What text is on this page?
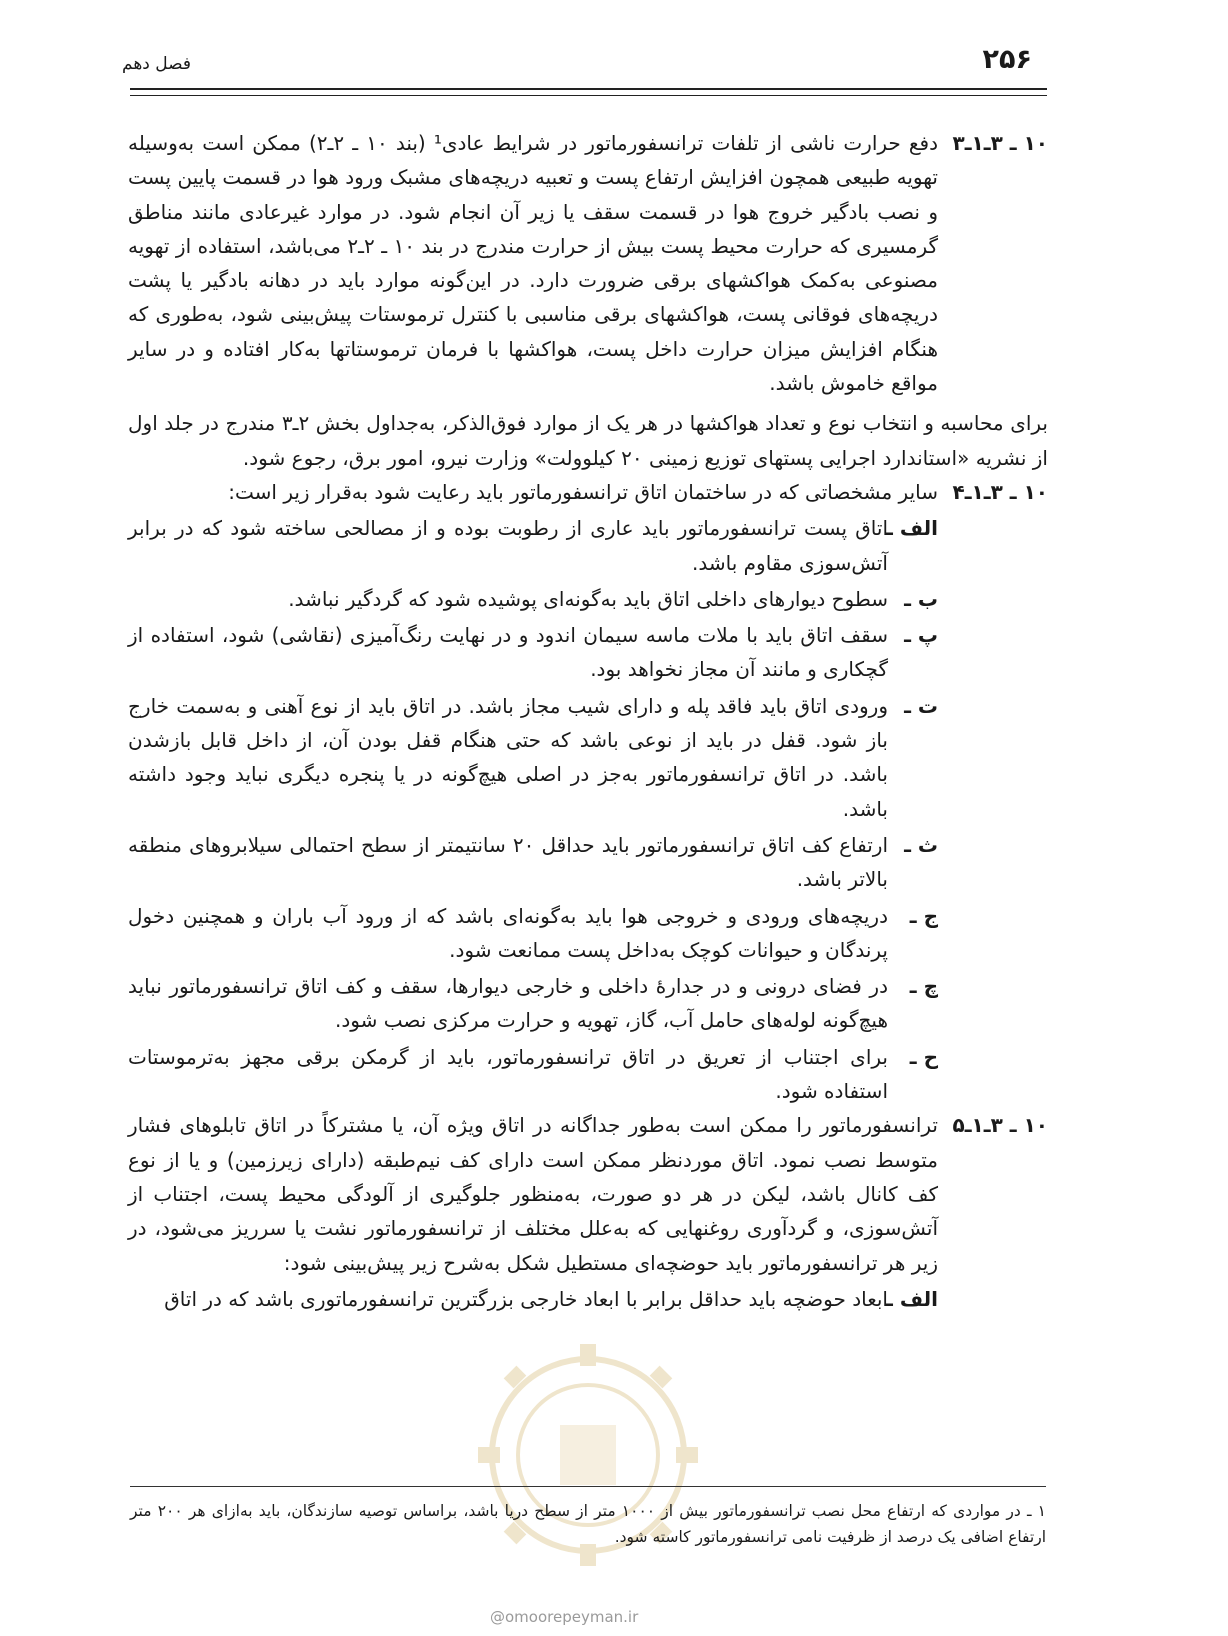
۲۵۶
فصل دهم
۱۰ ـ ۳ـ۱ـ۳

دفع حرارت ناشی از تلفات ترانسفورماتور در شرایط عادی¹ (بند ۱۰ ـ ۲ـ۲) ممکن است به‌وسیله تهویه طبیعی همچون افزایش ارتفاع پست و تعبیه دریچه‌های مشبک ورود هوا در قسمت پایین پست و نصب بادگیر خروج هوا در قسمت سقف یا زیر آن انجام شود. در موارد غیرعادی مانند مناطق گرمسیری که حرارت محیط پست بیش از حرارت مندرج در بند ۱۰ ـ ۲ـ۲ می‌باشد، استفاده از تهویه مصنوعی به‌کمک هواکشهای برقی ضرورت دارد. در این‌گونه موارد باید در دهانه بادگیر یا پشت دریچه‌های فوقانی پست، هواکشهای برقی مناسبی با کنترل ترموستات پیش‌بینی شود، به‌طوری که هنگام افزایش میزان حرارت داخل پست، هواکشها با فرمان ترموستاتها به‌کار افتاده و در سایر مواقع خاموش باشد.

برای محاسبه و انتخاب نوع و تعداد هواکشها در هر یک از موارد فوق‌الذکر، به‌جداول بخش ۲ـ۳ مندرج در جلد اول از نشریه «استاندارد اجرایی پستهای توزیع زمینی ۲۰ کیلوولت» وزارت نیرو، امور برق، رجوع شود.

۱۰ ـ ۳ـ۱ـ۴

سایر مشخصاتی که در ساختمان اتاق ترانسفورماتور باید رعایت شود به‌قرار زیر است:

الف ـ
اتاق پست ترانسفورماتور باید عاری از رطوبت بوده و از مصالحی ساخته شود که در برابر آتش‌سوزی مقاوم باشد.
ب ـ
سطوح دیوارهای داخلی اتاق باید به‌گونه‌ای پوشیده شود که گردگیر نباشد.
پ ـ
سقف اتاق باید با ملات ماسه سیمان اندود و در نهایت رنگ‌آمیزی (نقاشی) شود، استفاده از گچکاری و مانند آن مجاز نخواهد بود.
ت ـ
ورودی اتاق باید فاقد پله و دارای شیب مجاز باشد. در اتاق باید از نوع آهنی و به‌سمت خارج باز شود. قفل در باید از نوعی باشد که حتی هنگام قفل بودن آن، از داخل قابل بازشدن باشد. در اتاق ترانسفورماتور به‌جز در اصلی هیچ‌گونه در یا پنجره دیگری نباید وجود داشته باشد.
ث ـ
ارتفاع کف اتاق ترانسفورماتور باید حداقل ۲۰ سانتیمتر از سطح احتمالی سیلابروهای منطقه بالاتر باشد.
ج ـ
دریچه‌های ورودی و خروجی هوا باید به‌گونه‌ای باشد که از ورود آب باران و همچنین دخول پرندگان و حیوانات کوچک به‌داخل پست ممانعت شود.
چ ـ
در فضای درونی و در جدارهٔ داخلی و خارجی دیوارها، سقف و کف اتاق ترانسفورماتور نباید هیچ‌گونه لوله‌های حامل آب، گاز، تهویه و حرارت مرکزی نصب شود.
ح ـ
برای اجتناب از تعریق در اتاق ترانسفورماتور، باید از گرمکن برقی مجهز به‌ترموستات استفاده شود.
۱۰ ـ ۳ـ۱ـ۵

ترانسفورماتور را ممکن است به‌طور جداگانه در اتاق ویژه آن، یا مشترکاً در اتاق تابلوهای فشار متوسط نصب نمود. اتاق موردنظر ممکن است دارای کف نیم‌طبقه (دارای زیرزمین) و یا از نوع کف کانال باشد، لیکن در هر دو صورت، به‌منظور جلوگیری از آلودگی محیط پست، اجتناب از آتش‌سوزی، و گردآوری روغنهایی که به‌علل مختلف از ترانسفورماتور نشت یا سرریز می‌شود، در زیر هر ترانسفورماتور باید حوضچه‌ای مستطیل شکل به‌شرح زیر پیش‌بینی شود:

الف ـ
ابعاد حوضچه باید حداقل برابر با ابعاد خارجی بزرگترین ترانسفورماتوری باشد که در اتاق
۱ ـ در مواردی که ارتفاع محل نصب ترانسفورماتور بیش از ۱۰۰۰ متر از سطح دریا باشد، براساس توصیه سازندگان، باید به‌ازای هر ۲۰۰ متر ارتفاع اضافی یک درصد از ظرفیت نامی ترانسفورماتور کاسته شود.
@omoorepeyman.ir
